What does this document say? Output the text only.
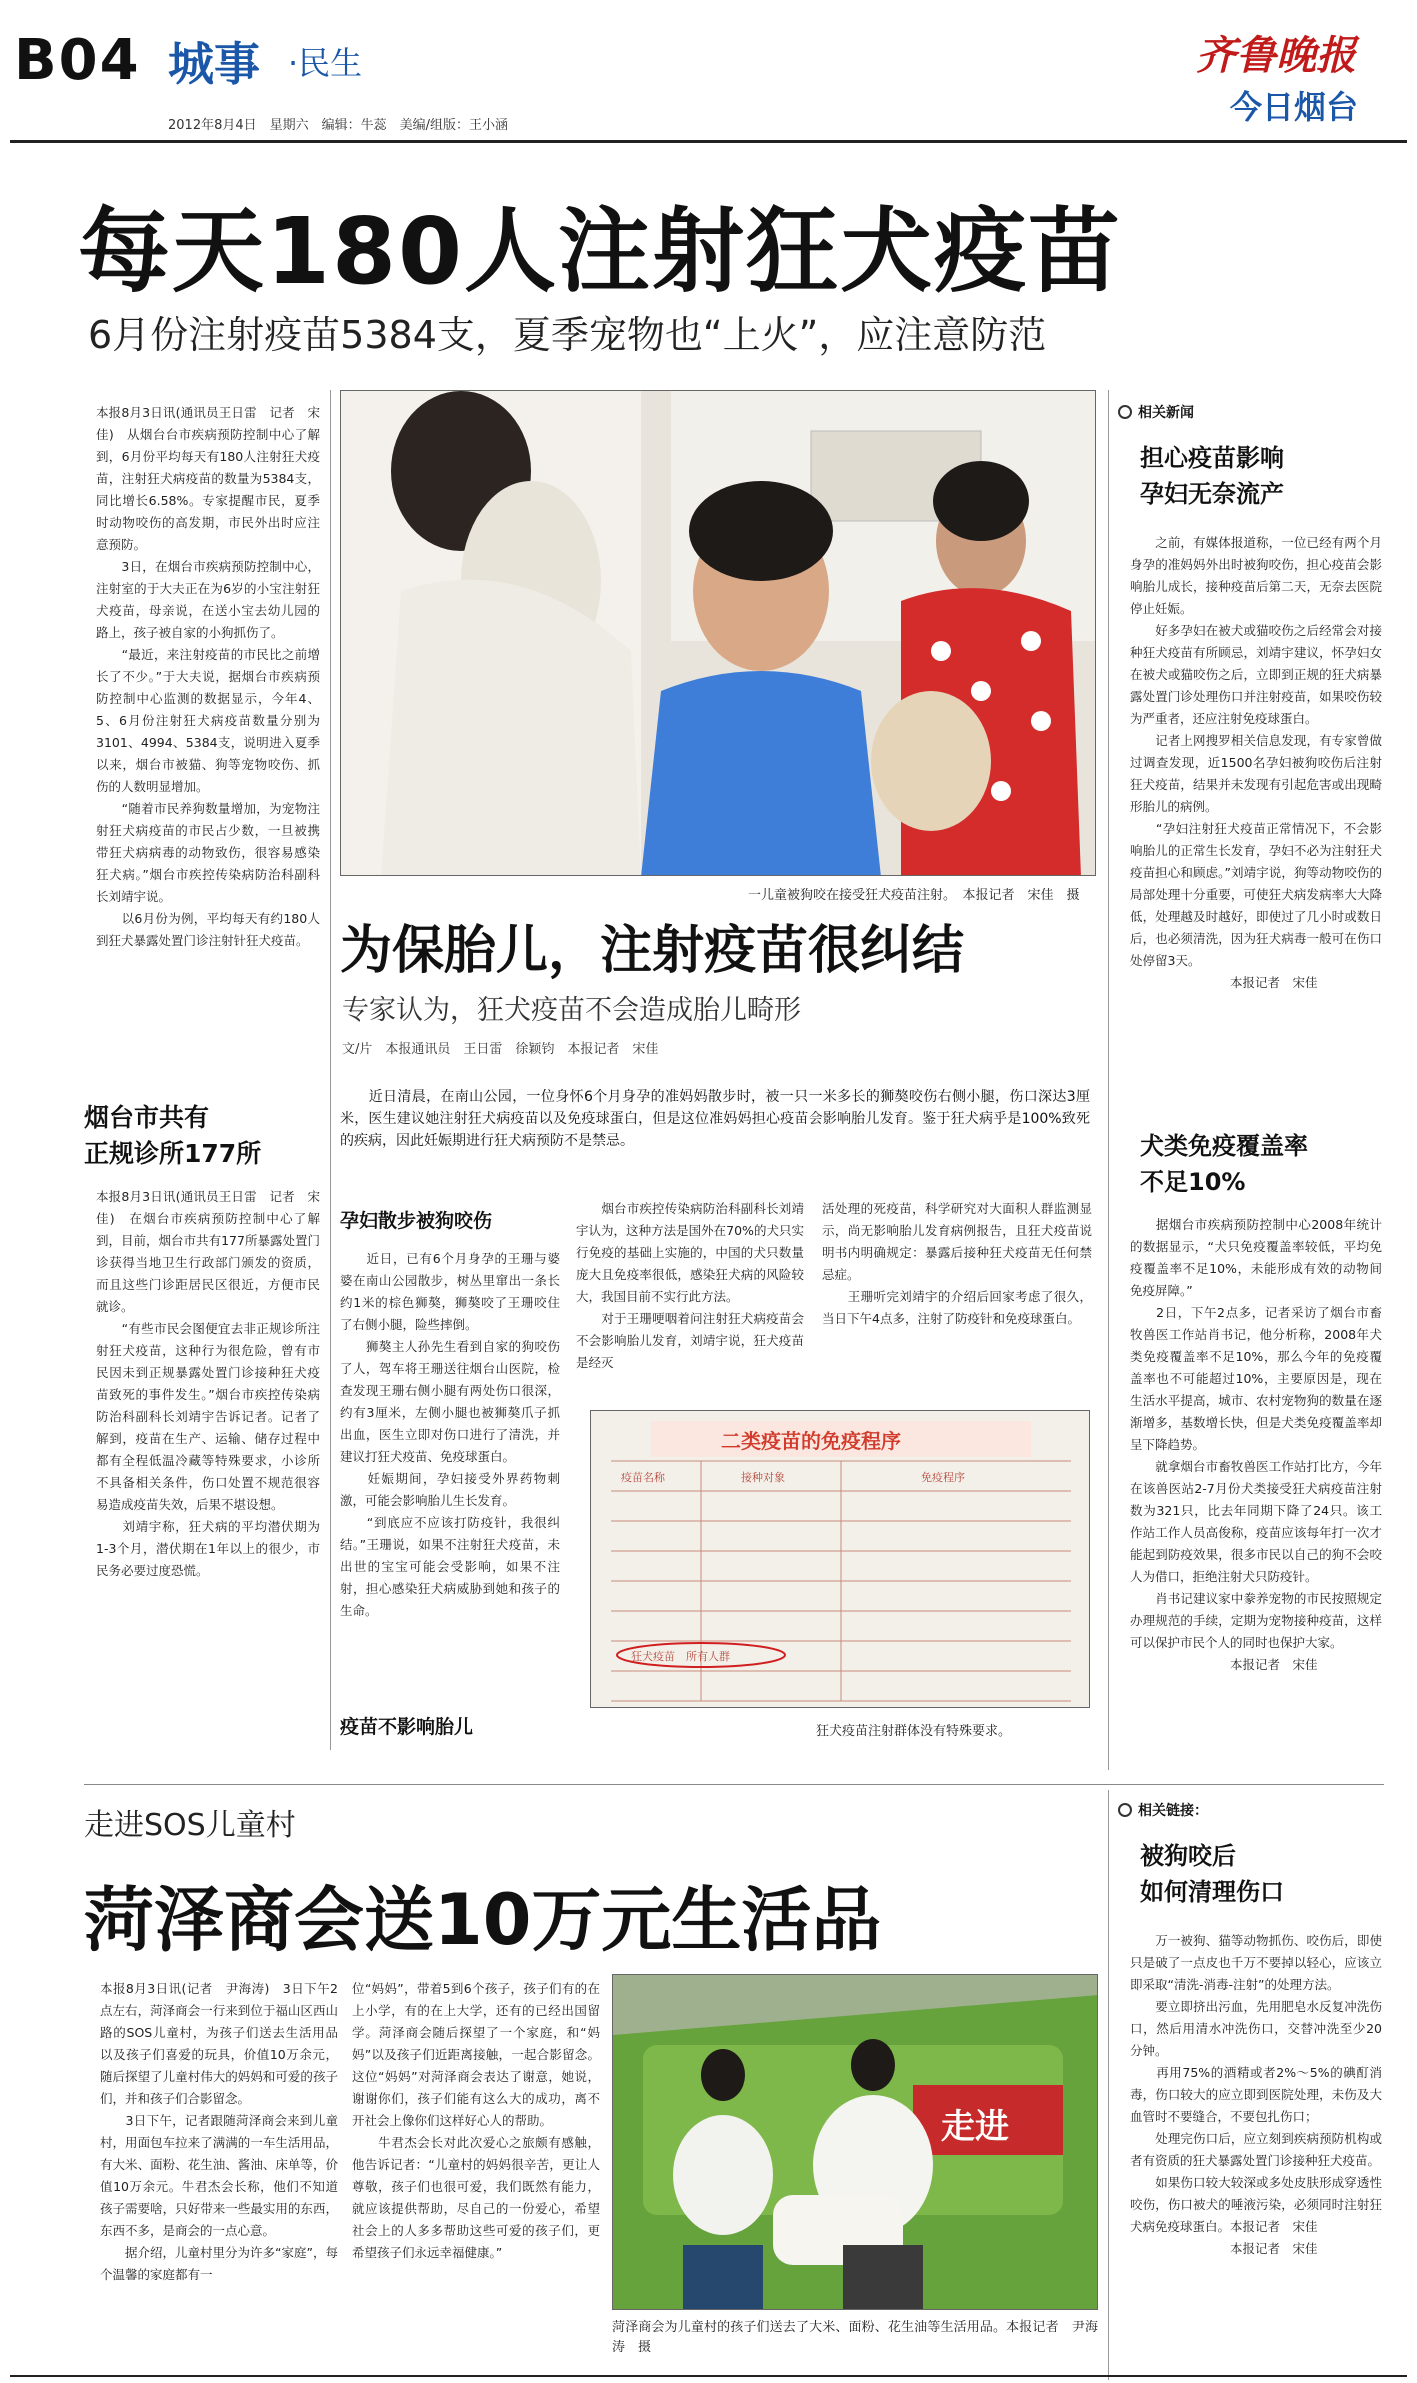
B04 城事 ·民生
2012年8月4日　星期六　编辑：牛蕊　美编/组版：王小涵
齐鲁晚报
今日烟台
每天180人注射狂犬疫苗
6月份注射疫苗5384支，夏季宠物也“上火”，应注意防范
一儿童被狗咬在接受狂犬疫苗注射。　本报记者　宋佳　摄
本报8月3日讯(通讯员王日雷　记者　宋佳)　从烟台台市疾病预防控制中心了解到，6月份平均每天有180人注射狂犬疫苗，注射狂犬病疫苗的数量为5384支，同比增长6.58%。专家提醒市民，夏季时动物咬伤的高发期，市民外出时应注意预防。
　　3日，在烟台市疾病预防控制中心，注射室的于大夫正在为6岁的小宝注射狂犬疫苗，母亲说，在送小宝去幼儿园的路上，孩子被自家的小狗抓伤了。
　　“最近，来注射疫苗的市民比之前增长了不少。”于大夫说，据烟台市疾病预防控制中心监测的数据显示，今年4、5、6月份注射狂犬病疫苗数量分别为3101、4994、5384支，说明进入夏季以来，烟台市被猫、狗等宠物咬伤、抓伤的人数明显增加。
　　“随着市民养狗数量增加，为宠物注射狂犬病疫苗的市民占少数，一旦被携带狂犬病病毒的动物致伤，很容易感染狂犬病。”烟台市疾控传染病防治科副科长刘靖宇说。
　　以6月份为例，平均每天有约180人到狂犬暴露处置门诊注射针狂犬疫苗。
烟台市共有
正规诊所177所
本报8月3日讯(通讯员王日雷　记者　宋佳)　在烟台市疾病预防控制中心了解到，目前，烟台市共有177所暴露处置门诊获得当地卫生行政部门颁发的资质，而且这些门诊距居民区很近，方便市民就诊。
　　“有些市民会图便宜去非正规诊所注射狂犬疫苗，这种行为很危险，曾有市民因未到正规暴露处置门诊接种狂犬疫苗致死的事件发生。”烟台市疾控传染病防治科副科长刘靖宇告诉记者。记者了解到，疫苗在生产、运输、储存过程中都有全程低温冷藏等特殊要求，小诊所不具备相关条件，伤口处置不规范很容易造成疫苗失效，后果不堪设想。
　　刘靖宇称，狂犬病的平均潜伏期为1-3个月，潜伏期在1年以上的很少，市民务必要过度恐慌。
为保胎儿，注射疫苗很纠结
专家认为，狂犬疫苗不会造成胎儿畸形
文/片　本报通讯员　王日雷　徐颖钧　本报记者　宋佳
　　近日清晨，在南山公园，一位身怀6个月身孕的准妈妈散步时，被一只一米多长的狮獒咬伤右侧小腿，伤口深达3厘米，医生建议她注射狂犬病疫苗以及免疫球蛋白，但是这位准妈妈担心疫苗会影响胎儿发育。鉴于狂犬病乎是100%致死的疾病，因此妊娠期进行狂犬病预防不是禁忌。
孕妇散步被狗咬伤
　　近日，已有6个月身孕的王珊与婆婆在南山公园散步，树丛里窜出一条长约1米的棕色狮獒，狮獒咬了王珊咬住了右侧小腿，险些摔倒。
　　狮獒主人孙先生看到自家的狗咬伤了人，驾车将王珊送往烟台山医院，检查发现王珊右侧小腿有两处伤口很深，约有3厘米，左侧小腿也被狮獒爪子抓出血，医生立即对伤口进行了清洗，并建议打狂犬疫苗、免疫球蛋白。
　　妊娠期间，孕妇接受外界药物刺激，可能会影响胎儿生长发育。
　　“到底应不应该打防疫针，我很纠结。”王珊说，如果不注射狂犬疫苗，未出世的宝宝可能会受影响，如果不注射，担心感染狂犬病威胁到她和孩子的生命。
疫苗不影响胎儿
　　烟台市疾控传染病防治科副科长刘靖宇认为，这种方法是国外在70%的犬只实行免疫的基础上实施的，中国的犬只数量庞大且免疫率很低，感染狂犬病的风险较大，我国目前不实行此方法。
　　对于王珊哽咽着问注射狂犬病疫苗会不会影响胎儿发育，刘靖宇说，狂犬疫苗是经灭
活处理的死疫苗，科学研究对大面积人群监测显示，尚无影响胎儿发育病例报告，且狂犬疫苗说明书内明确规定：暴露后接种狂犬疫苗无任何禁忌症。
　　王珊听完刘靖宇的介绍后回家考虑了很久，当日下午4点多，注射了防疫针和免疫球蛋白。
二类疫苗的免疫程序
疫苗名称	接种对象	免疫程序
狂犬疫苗　所有人群
狂犬疫苗注射群体没有特殊要求。
相关新闻
担心疫苗影响
孕妇无奈流产
　　之前，有媒体报道称，一位已经有两个月身孕的准妈妈外出时被狗咬伤，担心疫苗会影响胎儿成长，接种疫苗后第二天，无奈去医院停止妊娠。
　　好多孕妇在被犬或猫咬伤之后经常会对接种狂犬疫苗有所顾忌，刘靖宇建议，怀孕妇女在被犬或猫咬伤之后，立即到正规的狂犬病暴露处置门诊处理伤口并注射疫苗，如果咬伤较为严重者，还应注射免疫球蛋白。
　　记者上网搜罗相关信息发现，有专家曾做过调查发现，近1500名孕妇被狗咬伤后注射狂犬疫苗，结果并未发现有引起危害或出现畸形胎儿的病例。
　　“孕妇注射狂犬疫苗正常情况下，不会影响胎儿的正常生长发育，孕妇不必为注射狂犬疫苗担心和顾虑。”刘靖宇说，狗等动物咬伤的局部处理十分重要，可使狂犬病发病率大大降低，处理越及时越好，即使过了几小时或数日后，也必须清洗，因为狂犬病毒一般可在伤口处停留3天。
　　　　　　　　本报记者　宋佳
犬类免疫覆盖率
不足10%
　　据烟台市疾病预防控制中心2008年统计的数据显示，“犬只免疫覆盖率较低，平均免疫覆盖率不足10%，未能形成有效的动物间免疫屏障。”
　　2日，下午2点多，记者采访了烟台市畜牧兽医工作站肖书记，他分析称，2008年犬类免疫覆盖率不足10%，那么今年的免疫覆盖率也不可能超过10%，主要原因是，现在生活水平提高，城市、农村宠物狗的数量在逐渐增多，基数增长快，但是犬类免疫覆盖率却呈下降趋势。
　　就拿烟台市畜牧兽医工作站打比方，今年在该兽医站2-7月份犬类接受狂犬病疫苗注射数为321只，比去年同期下降了24只。该工作站工作人员高俊称，疫苗应该每年打一次才能起到防疫效果，很多市民以自己的狗不会咬人为借口，拒绝注射犬只防疫针。
　　肖书记建议家中豢养宠物的市民按照规定办理规范的手续，定期为宠物接种疫苗，这样可以保护市民个人的同时也保护大家。
　　　　　　　　本报记者　宋佳
相关链接：
被狗咬后
如何清理伤口
　　万一被狗、猫等动物抓伤、咬伤后，即使只是破了一点皮也千万不要掉以轻心，应该立即采取“清洗-消毒-注射”的处理方法。
　　要立即挤出污血，先用肥皂水反复冲洗伤口，然后用清水冲洗伤口，交替冲洗至少20分钟。
　　再用75%的酒精或者2%～5%的碘酊消毒，伤口较大的应立即到医院处理，未伤及大血管时不要缝合，不要包扎伤口；
　　处理完伤口后，应立刻到疾病预防机构或者有资质的狂犬暴露处置门诊接种狂犬疫苗。
　　如果伤口较大较深或多处皮肤形成穿透性咬伤，伤口被犬的唾液污染，必须同时注射狂犬病免疫球蛋白。本报记者　宋佳
　　　　　　　　本报记者　宋佳
走进SOS儿童村
菏泽商会送10万元生活品
本报8月3日讯(记者　尹海涛)　3日下午2点左右，菏泽商会一行来到位于福山区西山路的SOS儿童村，为孩子们送去生活用品以及孩子们喜爱的玩具，价值10万余元，随后探望了儿童村伟大的妈妈和可爱的孩子们，并和孩子们合影留念。
　　3日下午，记者跟随菏泽商会来到儿童村，用面包车拉来了满满的一车生活用品，有大米、面粉、花生油、酱油、床单等，价值10万余元。牛君杰会长称，他们不知道孩子需要啥，只好带来一些最实用的东西，东西不多，是商会的一点心意。
　　据介绍，儿童村里分为许多“家庭”，每个温馨的家庭都有一
位“妈妈”，带着5到6个孩子，孩子们有的在上小学，有的在上大学，还有的已经出国留学。菏泽商会随后探望了一个家庭，和“妈妈”以及孩子们近距离接触，一起合影留念。这位“妈妈”对菏泽商会表达了谢意，她说，谢谢你们，孩子们能有这么大的成功，离不开社会上像你们这样好心人的帮助。
　　牛君杰会长对此次爱心之旅颇有感触，他告诉记者：“儿童村的妈妈很辛苦，更让人尊敬，孩子们也很可爱，我们既然有能力，就应该提供帮助，尽自己的一份爱心，希望社会上的人多多帮助这些可爱的孩子们，更希望孩子们永远幸福健康。”
走进
菏泽商会为儿童村的孩子们送去了大米、面粉、花生油等生活用品。本报记者　尹海涛　摄
